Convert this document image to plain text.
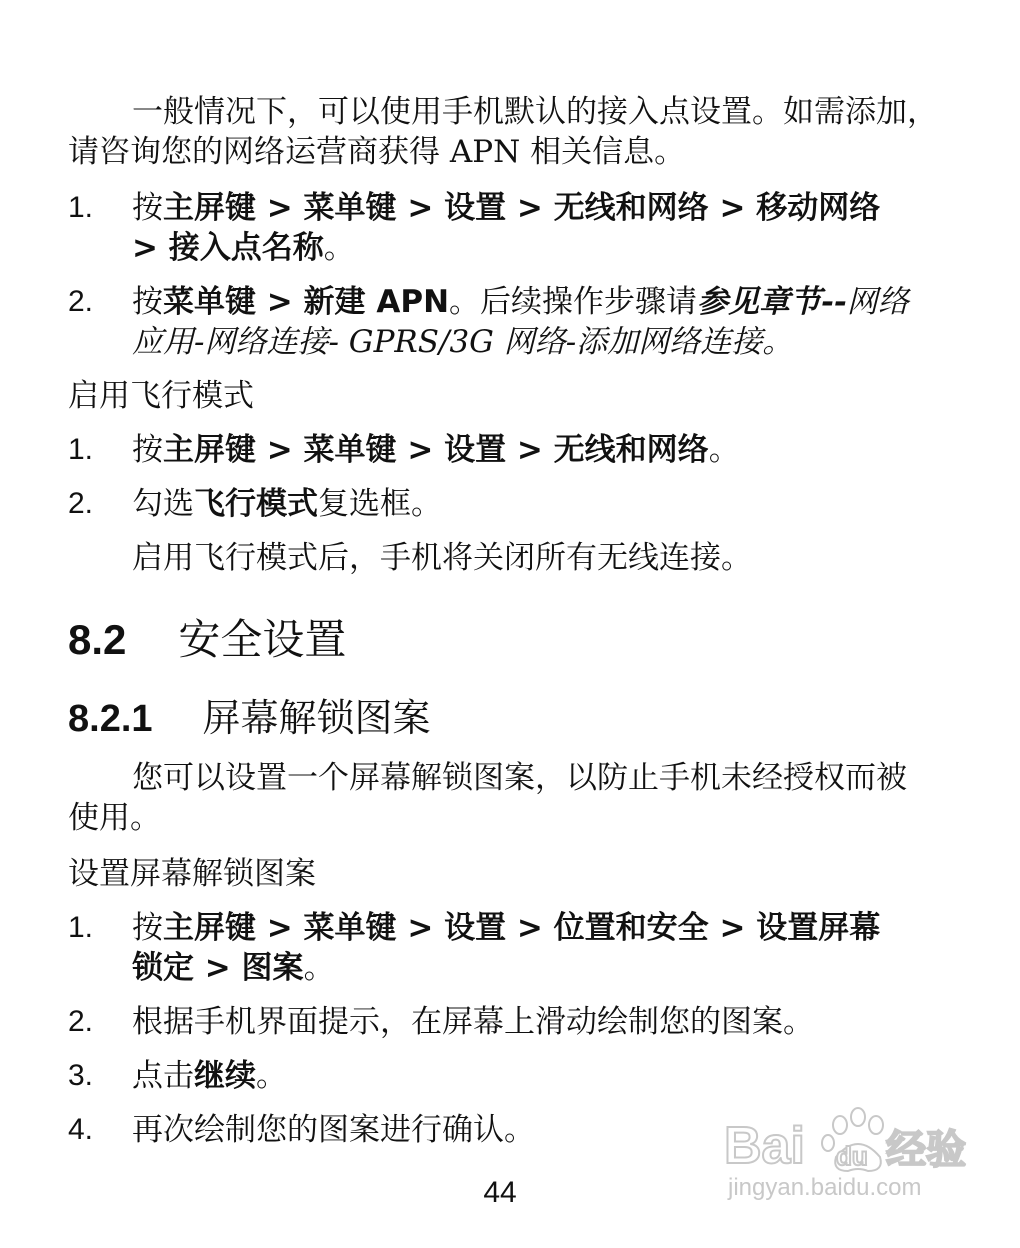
一般情况下，可以使用手机默认的接入点设置。如需添加，
请咨询您的网络运营商获得 APN 相关信息。
1. 按主屏键 > 菜单键 > 设置 > 无线和网络 > 移动网络
> 接入点名称。
2. 按菜单键 > 新建 APN。后续操作步骤请参见章节--网络
应用-网络连接- GPRS/3G 网络-添加网络连接。
启用飞行模式
1. 按主屏键 > 菜单键 > 设置 > 无线和网络。
2. 勾选飞行模式复选框。
启用飞行模式后，手机将关闭所有无线连接。
8.2 安全设置
8.2.1 屏幕解锁图案
您可以设置一个屏幕解锁图案，以防止手机未经授权而被
使用。
设置屏幕解锁图案
1. 按主屏键 > 菜单键 > 设置 > 位置和安全 > 设置屏幕
锁定 > 图案。
2. 根据手机界面提示，在屏幕上滑动绘制您的图案。
3. 点击继续。
4. 再次绘制您的图案进行确认。
44
Bai du 经验
jingyan.baidu.com
